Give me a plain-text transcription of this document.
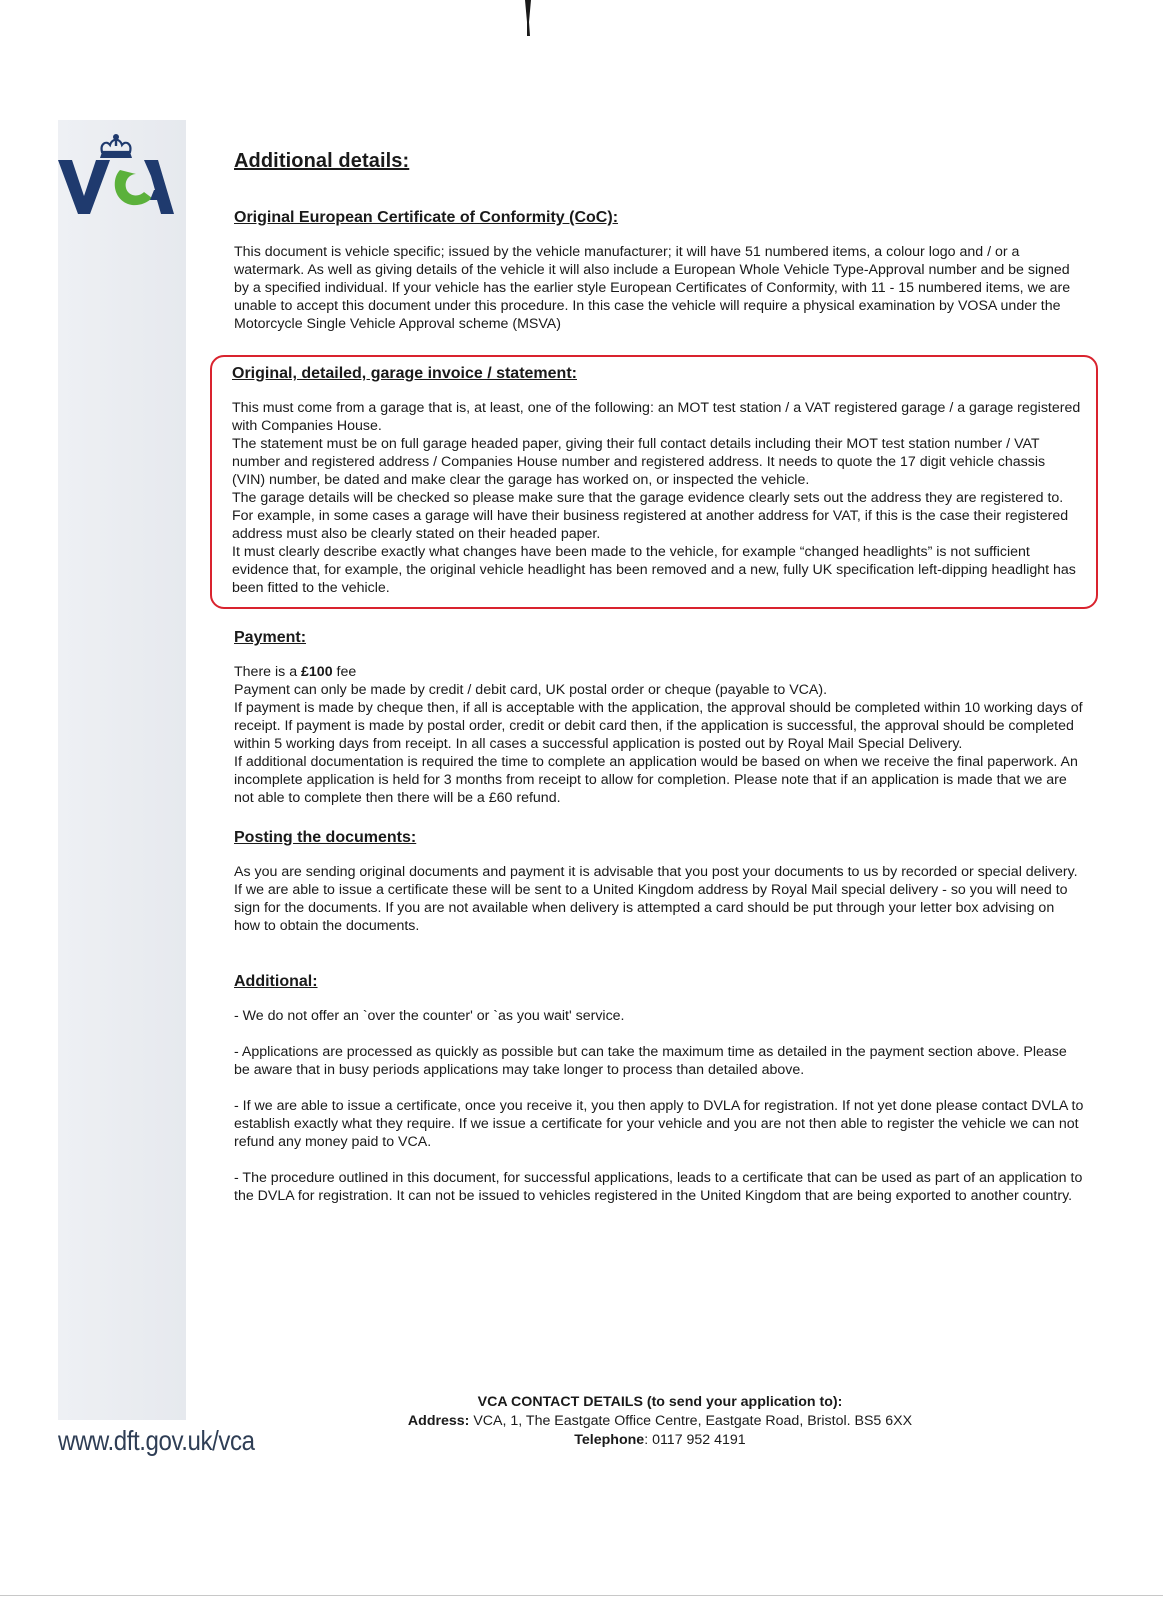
Additional details:
Original European Certificate of Conformity (CoC):

This document is vehicle specific; issued by the vehicle manufacturer; it will have 51 numbered items, a colour logo and / or a watermark. As well as giving details of the vehicle it will also include a European Whole Vehicle Type-Approval number and be signed by a specified individual. If your vehicle has the earlier style European Certificates of Conformity, with 11 - 15 numbered items, we are unable to accept this document under this procedure. In this case the vehicle will require a physical examination by VOSA under the Motorcycle Single Vehicle Approval scheme (MSVA)

Original, detailed, garage invoice / statement:

This must come from a garage that is, at least, one of the following: an MOT test station / a VAT registered garage / a garage registered with Companies House.

The statement must be on full garage headed paper, giving their full contact details including their MOT test station number / VAT number and registered address / Companies House number and registered address. It needs to quote the 17 digit vehicle chassis (VIN) number, be dated and make clear the garage has worked on, or inspected the vehicle.

The garage details will be checked so please make sure that the garage evidence clearly sets out the address they are registered to. For example, in some cases a garage will have their business registered at another address for VAT, if this is the case their registered address must also be clearly stated on their headed paper.

It must clearly describe exactly what changes have been made to the vehicle, for example “changed headlights” is not sufficient evidence that, for example, the original vehicle headlight has been removed and a new, fully UK specification left-dipping headlight has been fitted to the vehicle.

Payment:

There is a £100 fee

Payment can only be made by credit / debit card, UK postal order or cheque (payable to VCA).

If payment is made by cheque then, if all is acceptable with the application, the approval should be completed within 10 working days of receipt. If payment is made by postal order, credit or debit card then, if the application is successful, the approval should be completed within 5 working days from receipt. In all cases a successful application is posted out by Royal Mail Special Delivery.

If additional documentation is required the time to complete an application would be based on when we receive the final paperwork. An incomplete application is held for 3 months from receipt to allow for completion. Please note that if an application is made that we are not able to complete then there will be a £60 refund.

Posting the documents:

As you are sending original documents and payment it is advisable that you post your documents to us by recorded or special delivery. If we are able to issue a certificate these will be sent to a United Kingdom address by Royal Mail special delivery - so you will need to sign for the documents. If you are not available when delivery is attempted a card should be put through your letter box advising on how to obtain the documents.

Additional:

- We do not offer an `over the counter' or `as you wait' service.

- Applications are processed as quickly as possible but can take the maximum time as detailed in the payment section above. Please be aware that in busy periods applications may take longer to process than detailed above.

- If we are able to issue a certificate, once you receive it, you then apply to DVLA for registration. If not yet done please contact DVLA to establish exactly what they require. If we issue a certificate for your vehicle and you are not then able to register the vehicle we can not refund any money paid to VCA.

- The procedure outlined in this document, for successful applications, leads to a certificate that can be used as part of an application to the DVLA for registration. It can not be issued to vehicles registered in the United Kingdom that are being exported to another country.

VCA CONTACT DETAILS (to send your application to):
Address: VCA, 1, The Eastgate Office Centre, Eastgate Road, Bristol. BS5 6XX
Telephone: 0117 952 4191
www.dft.gov.uk/vca
